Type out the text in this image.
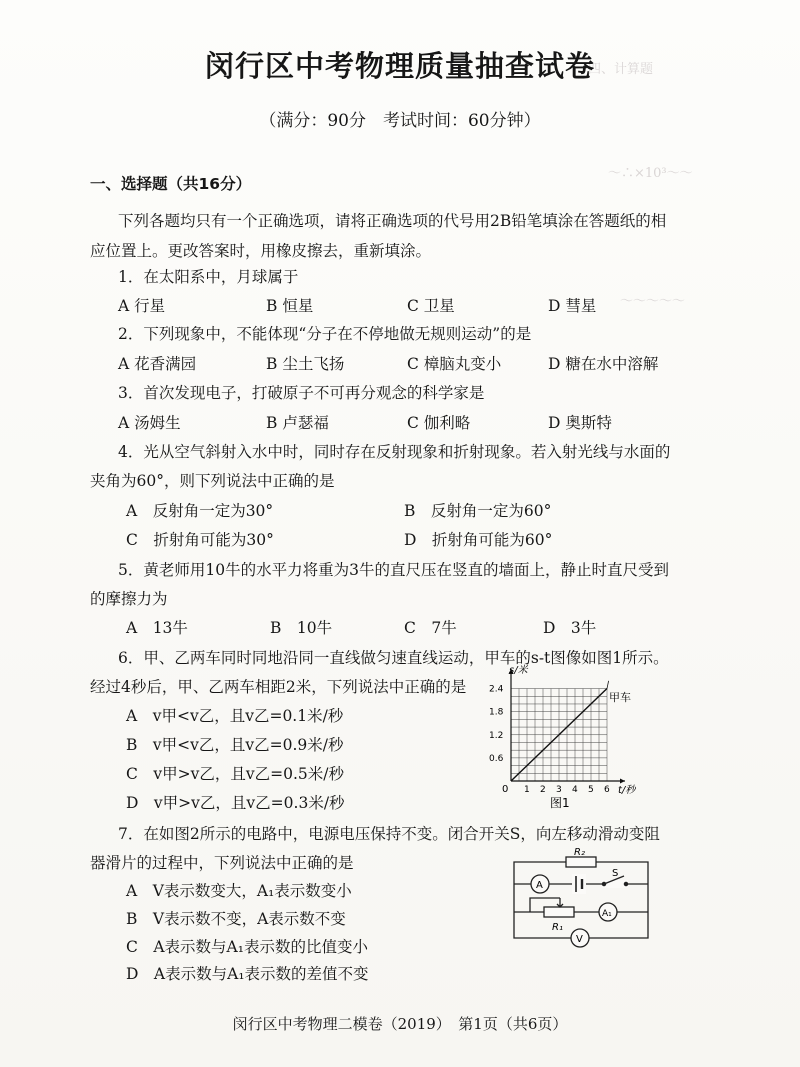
四、计算题
～∴×10³～～
～～～～～
闵行区中考物理质量抽查试卷
（满分：90分　考试时间：60分钟）
一、选择题（共16分）
下列各题均只有一个正确选项，请将正确选项的代号用2B铅笔填涂在答题纸的相
应位置上。更改答案时，用橡皮擦去，重新填涂。
1．在太阳系中，月球属于
A 行星	B 恒星	C 卫星	D 彗星
2．下列现象中，不能体现“分子在不停地做无规则运动”的是
A 花香满园	B 尘土飞扬	C 樟脑丸变小	D 糖在水中溶解
3．首次发现电子，打破原子不可再分观念的科学家是
A 汤姆生	B 卢瑟福	C 伽利略	D 奥斯特
4．光从空气斜射入水中时，同时存在反射现象和折射现象。若入射光线与水面的
夹角为60°，则下列说法中正确的是
A　反射角一定为30°	B　反射角一定为60°
C　折射角可能为30°	D　折射角可能为60°
5．黄老师用10牛的水平力将重为3牛的直尺压在竖直的墙面上，静止时直尺受到
的摩擦力为
A　13牛	B　10牛	C　7牛	D　3牛
6．甲、乙两车同时同地沿同一直线做匀速直线运动，甲车的s-t图像如图1所示。
经过4秒后，甲、乙两车相距2米，下列说法中正确的是
A　v甲<v乙，且v乙=0.1米/秒
B　v甲<v乙，且v乙=0.9米/秒
C　v甲>v乙，且v乙=0.5米/秒
D　v甲>v乙，且v乙=0.3米/秒
1 2 3 4 5 6
0.6
1.2
1.8
2.4
s/米
t/秒
甲车
0
图1
7．在如图2所示的电路中，电源电压保持不变。闭合开关S，向左移动滑动变阻
器滑片的过程中，下列说法中正确的是
A　V表示数变大，A₁表示数变小
B　V表示数不变，A表示数不变
C　A表示数与A₁表示数的比值变小
D　A表示数与A₁表示数的差值不变
R₂
S
A
A₁
R₁
V
闵行区中考物理二模卷（2019）　第1页（共6页）
